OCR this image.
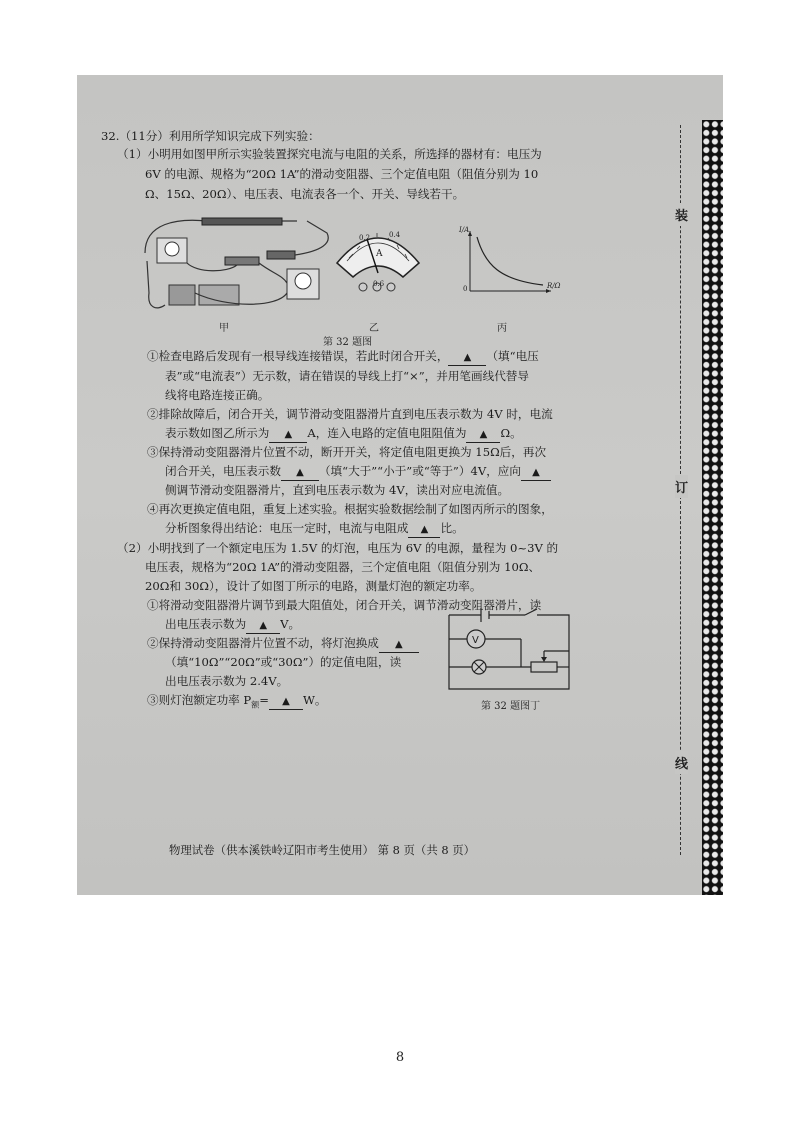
32.（11分）利用所学知识完成下列实验：
（1）小明用如图甲所示实验装置探究电流与电阻的关系，所选择的器材有：电压为
6V 的电源、规格为“20Ω 1A”的滑动变阻器、三个定值电阻（阻值分别为 10
Ω、15Ω、20Ω）、电压表、电流表各一个、开关、导线若干。
0.2	0.4
A
0.6
I/A
R/Ω
0
甲	乙	丙
第 32 题图
①检查电路后发现有一根导线连接错误，若此时闭合开关， ▲ （填“电压
表”或“电流表”）无示数，请在错误的导线上打“×”，并用笔画线代替导
线将电路连接正确。
②排除故障后，闭合开关，调节滑动变阻器滑片直到电压表示数为 4V 时，电流
表示数如图乙所示为 ▲ A，连入电路的定值电阻阻值为 ▲ Ω。
③保持滑动变阻器滑片位置不动，断开开关，将定值电阻更换为 15Ω后，再次
闭合开关，电压表示数 ▲ （填“大于”“小于”或“等于”）4V，应向 ▲
侧调节滑动变阻器滑片，直到电压表示数为 4V，读出对应电流值。
④再次更换定值电阻，重复上述实验。根据实验数据绘制了如图丙所示的图象，
分析图象得出结论：电压一定时，电流与电阻成 ▲ 比。
（2）小明找到了一个额定电压为 1.5V 的灯泡，电压为 6V 的电源，量程为 0~3V 的
电压表，规格为“20Ω 1A”的滑动变阻器，三个定值电阻（阻值分别为 10Ω、
20Ω和 30Ω），设计了如图丁所示的电路，测量灯泡的额定功率。
①将滑动变阻器滑片调节到最大阻值处，闭合开关，调节滑动变阻器滑片，读
出电压表示数为 ▲ V。
②保持滑动变阻器滑片位置不动，将灯泡换成 ▲
（填“10Ω”“20Ω”或“30Ω”）的定值电阻，读
出电压表示数为 2.4V。
③则灯泡额定功率 $P_额=$ ▲ W。
V
第 32 题图丁
物理试卷（供本溪铁岭辽阳市考生使用） 第 8 页（共 8 页）
装
订
线
8
